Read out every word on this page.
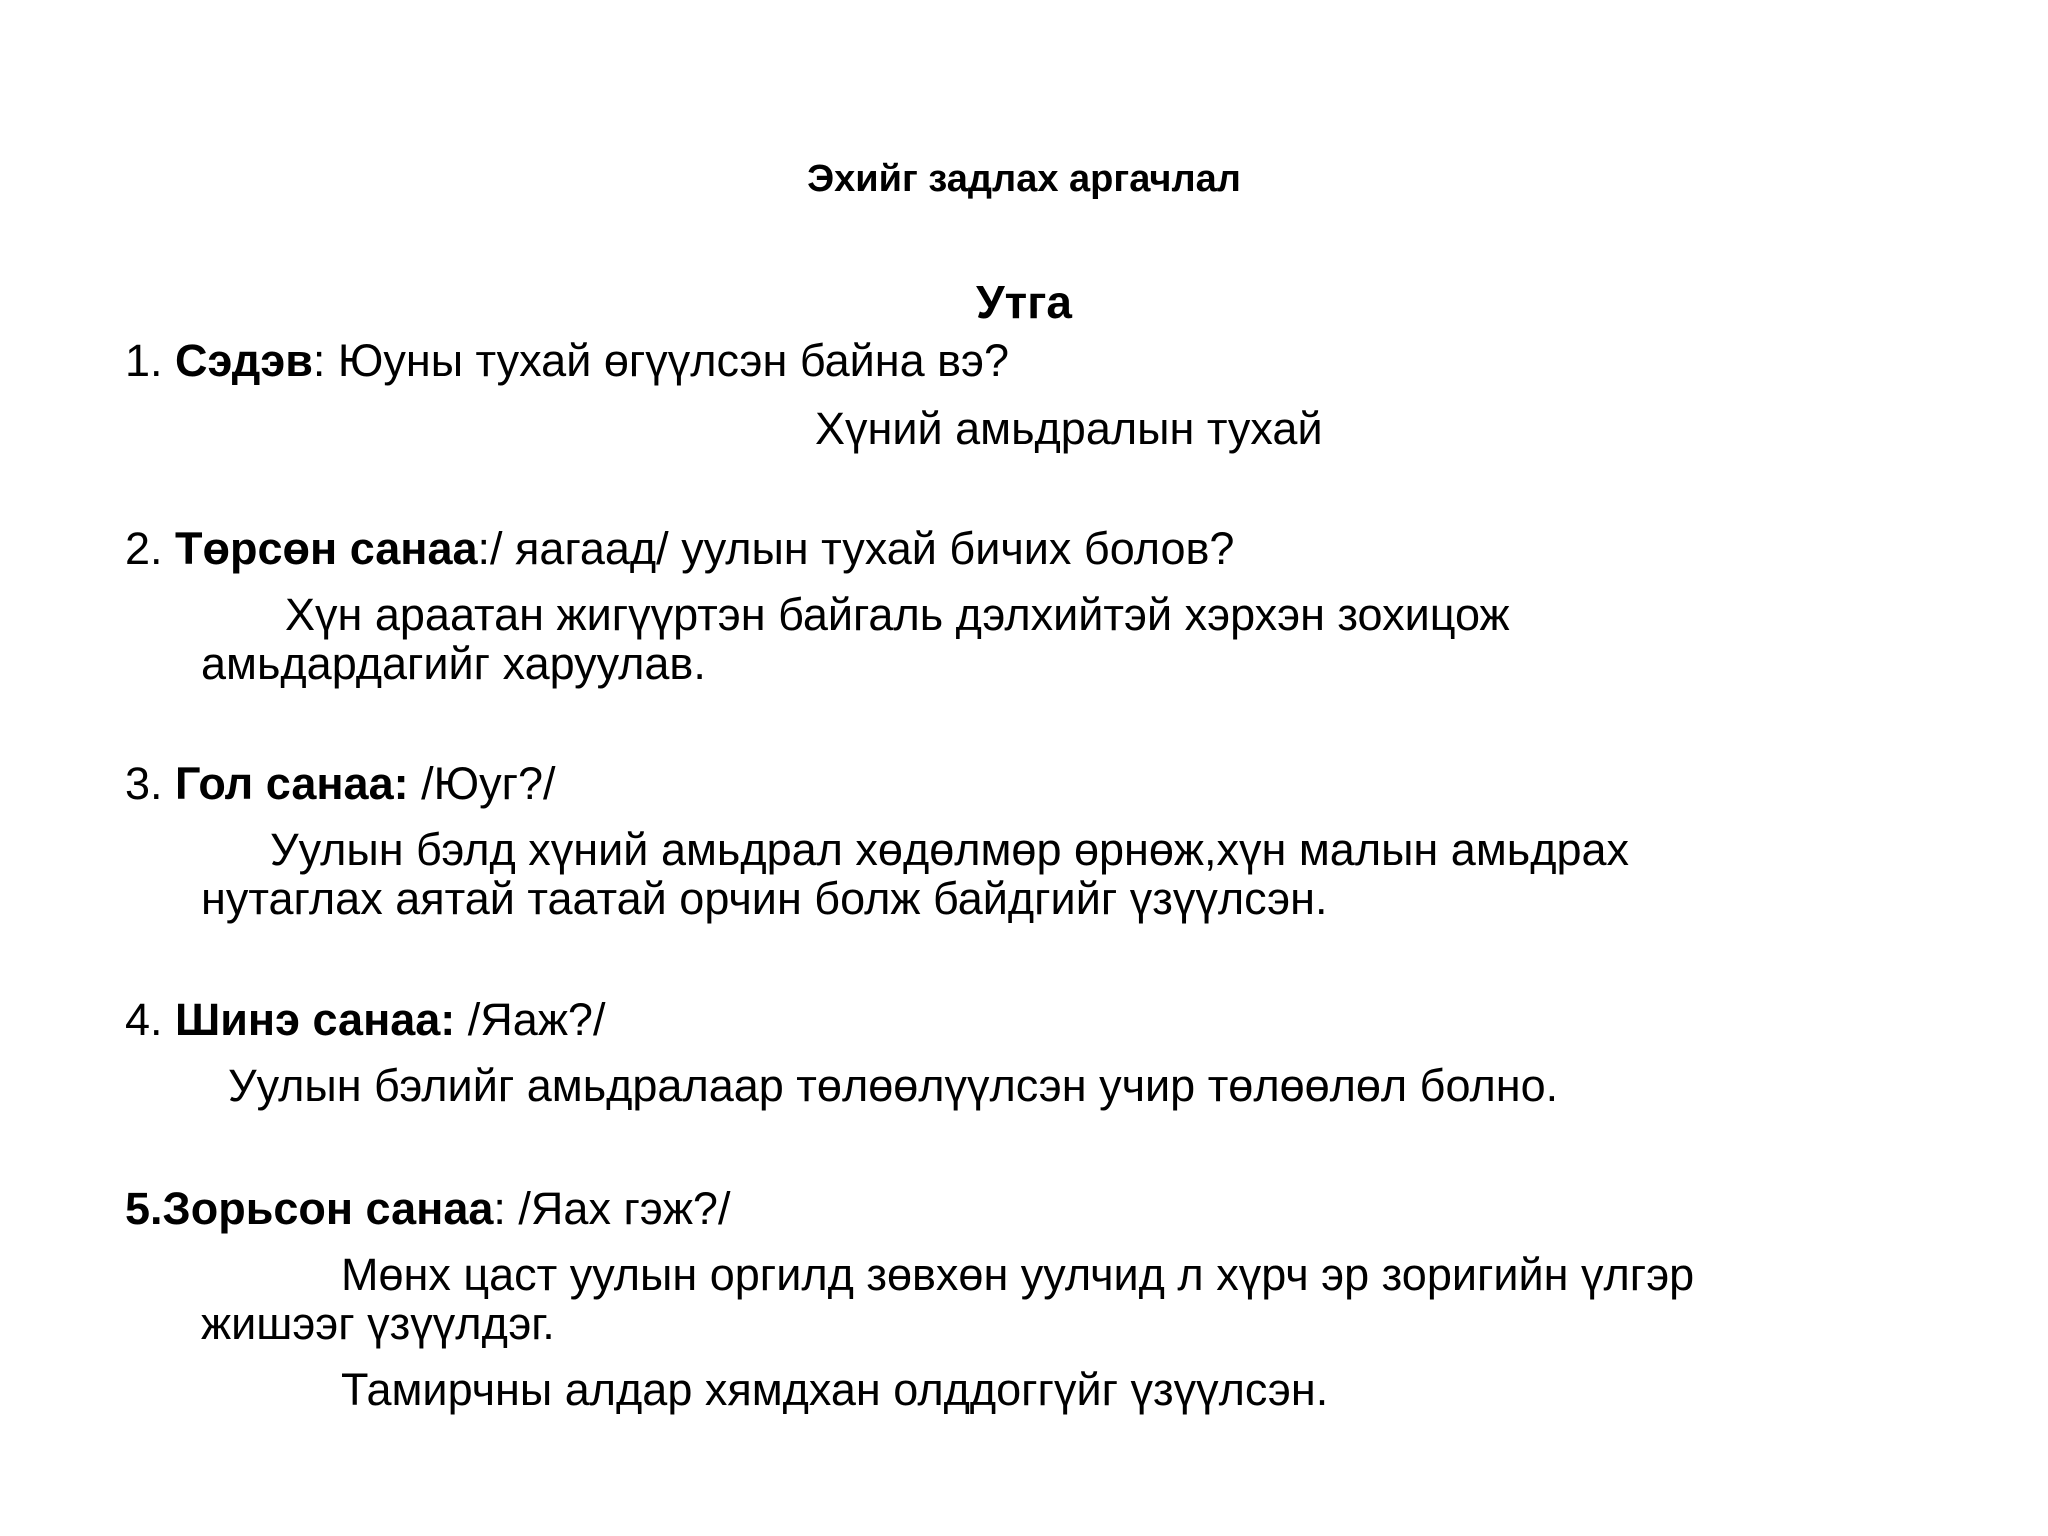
Эхийг задлах аргачлал
Утга
1. Сэдэв: Юуны тухай өгүүлсэн байна вэ?
Хүний амьдралын тухай
2. Төрсөн санаа:/ яагаад/ уулын тухай бичих болов?
Хүн араатан жигүүртэн байгаль дэлхийтэй хэрхэн зохицож
амьдардагийг харуулав.
3. Гол санаа: /Юуг?/
Уулын бэлд хүний амьдрал хөдөлмөр өрнөж,хүн малын амьдрах
нутаглах аятай таатай орчин болж байдгийг үзүүлсэн.
4. Шинэ санаа: /Яаж?/
Уулын бэлийг амьдралаар төлөөлүүлсэн учир төлөөлөл болно.
5.Зорьсон санаа: /Яах гэж?/
Мөнх цаст уулын оргилд зөвхөн уулчид л хүрч эр зоригийн үлгэр
жишээг үзүүлдэг.
Тамирчны алдар хямдхан олддоггүйг үзүүлсэн.
